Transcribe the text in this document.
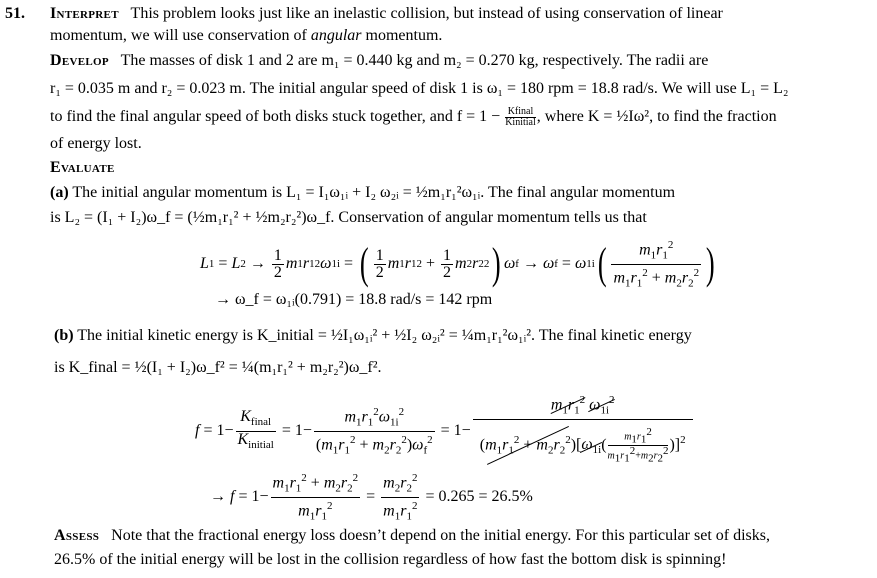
51. Interpret This problem looks just like an inelastic collision, but instead of using conservation of linear
momentum, we will use conservation of angular momentum.
Develop The masses of disk 1 and 2 are m₁ = 0.440 kg and m₂ = 0.270 kg, respectively. The radii are
r₁ = 0.035 m and r₂ = 0.023 m. The initial angular speed of disk 1 is ω₁ = 180 rpm = 18.8 rad/s. We will use L₁ = L₂
to find the final angular speed of both disks stuck together, and f = 1 − Kfinal
Kinitial , where K = ½Iω², to find the fraction
of energy lost.
Evaluate
(a) The initial angular momentum is L₁ = I₁ω₁ᵢ + I₂ ω₂ᵢ = ½m₁r₁²ω₁ᵢ. The final angular momentum
is L₂ = (I₁ + I₂)ω_f = (½m₁r₁² + ½m₂r₂²)ω_f. Conservation of angular momentum tells us that
L 1 = L $2 \to \frac{1}{2}$ m 1 r 1 2 ω 1i = ( $\frac{1}{2}$ m 1 r 1 $2 + \frac{1}{2}$ m 2 r 2 2 ) ω f → ω f = ω 1i ( $\frac{m_1r_1^2}{m_1r_1^2 + m_2r_2^2}$ )
→ ω_f = ω₁ᵢ(0.791) = 18.8 rad/s = 142 rpm
(b) The initial kinetic energy is K_initial = ½I₁ω₁ᵢ² + ½I₂ ω₂ᵢ² = ¼m₁r₁²ω₁ᵢ². The final kinetic energy
is K_final = ½(I₁ + I₂)ω_f² = ¼(m₁r₁² + m₂r₂²)ω_f².
$f = 1- \frac{K_{final}}{K_{initial}} = 1- \frac{m_1r_1^2\omega_{1i}^2}{(m_1r_1^2 + m_2r_2^2)\omega_f^2} = 1- \frac{m_1r_1^2 \omega_{1i}^2}{(m_1r_1^2 + m_2r_2^2)[\omega_{1i}( \frac{m_1r_1^2}{m_1r_1^2+m_2r_2^2} )]^2}$
→ $f = 1- \frac{m_1r_1^2 + m_2r_2^2}{m_1r_1^2} = \frac{m_2r_2^2}{m_1r_1^2}$
= 0.265 = 26.5%
Assess Note that the fractional energy loss doesn’t depend on the initial energy. For this particular set of disks,
26.5% of the initial energy will be lost in the collision regardless of how fast the bottom disk is spinning!
